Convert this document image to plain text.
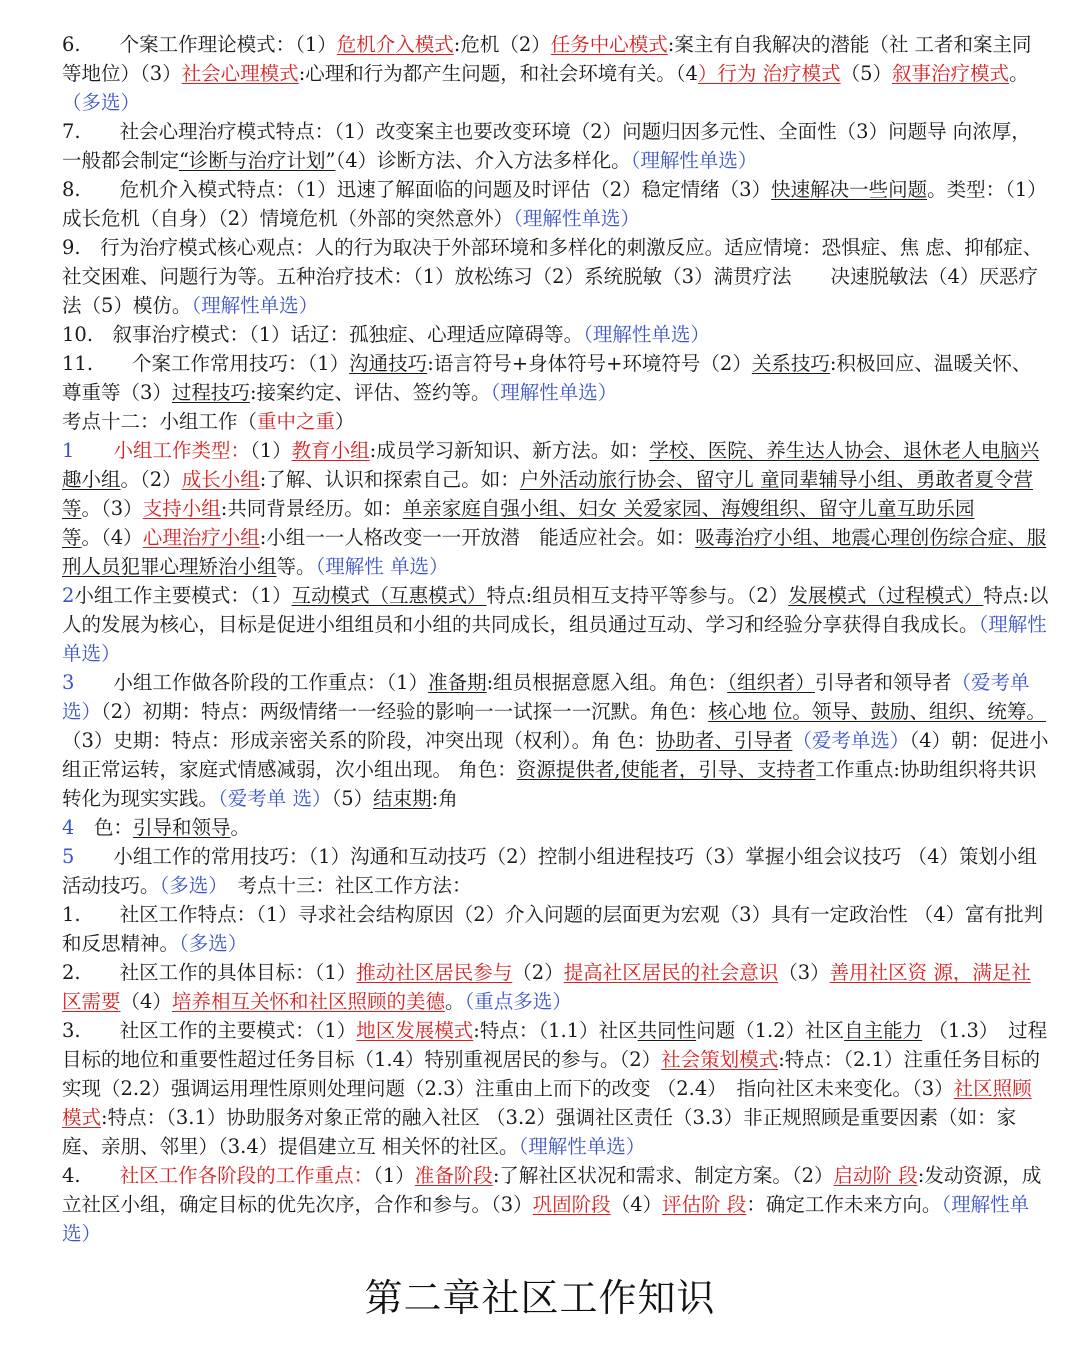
6.　　个案工作理论模式：（1）危机介入模式:危机（2）任务中心模式:案主有自我解决的潜能（社 工者和案主同等地位）（3）社会心理模式:心理和行为都产生问题，和社会环境有关。（4）行为 治疗模式（5）叙事治疗模式。（多选）

7.　　社会心理治疗模式特点：（1）改变案主也要改变环境（2）问题归因多元性、全面性（3）问题导 向浓厚，一般都会制定“诊断与治疗计划”（4）诊断方法、介入方法多样化。（理解性单选）

8.　　危机介入模式特点：（1）迅速了解面临的问题及时评估（2）稳定情绪（3）快速解决一些问题。类型：（1）成长危机（自身）（2）情境危机（外部的突然意外）（理解性单选）

9.　行为治疗模式核心观点：人的行为取决于外部环境和多样化的刺激反应。适应情境：恐惧症、焦 虑、抑郁症、社交困难、问题行为等。五种治疗技术：（1）放松练习（2）系统脱敏（3）满贯疗法　　决速脱敏法（4）厌恶疗法（5）模仿。（理解性单选）

10.　叙事治疗模式：（1）话辽：孤独症、心理适应障碍等。（理解性单选）

11.　　个案工作常用技巧：（1）沟通技巧:语言符号+身体符号+环境符号（2）关系技巧:积极回应、温暖关怀、尊重等（3）过程技巧:接案约定、评估、签约等。（理解性单选）

考点十二：小组工作（重中之重）

1　　 小组工作类型：（1）教育小组:成员学习新知识、新方法。如：学校、医院、养生达人协会、退休老人电脑兴趣小组。（2）成长小组:了解、认识和探索自己。如：户外活动旅行协会、留守儿 童同辈辅导小组、勇敢者夏令营等。（3）支持小组:共同背景经历。如：单亲家庭自强小组、妇女 关爱家园、海嫂组织、留守儿童互助乐园等。（4）心理治疗小组:小组一一人格改变一一开放潜　能适应社会。如：吸毒治疗小组、地震心理创伤综合症、服刑人员犯罪心理矫治小组等。（理解性 单选）

2小组工作主要模式：（1）互动模式（互惠模式）特点:组员相互支持平等参与。（2）发展模式（过程模式）特点:以人的发展为核心，目标是促进小组组员和小组的共同成长，组员通过互动、学习和经验分享获得自我成长。（理解性单选）

3　　小组工作做各阶段的工作重点：（1）准备期:组员根据意愿入组。角色：（组织者）引导者和领导者（爱考单选）（2）初期：特点：两级情绪一一经验的影响一一试探一一沉默。角色：核心地 位。领导、鼓励、组织、统筹。（3）史期：特点：形成亲密关系的阶段，冲突出现（权利）。角 色：协助者、引导者（爱考单选）（4）朝：促进小组正常运转，家庭式情感减弱，次小组出现。 角色：资源提供者,使能者，引导、支持者工作重点:协助组织将共识转化为现实实践。（爱考单 选）（5）结束期:角

4　色：引导和领导。

5　　小组工作的常用技巧：（1）沟通和互动技巧（2）控制小组进程技巧（3）掌握小组会议技巧 （4）策划小组活动技巧。（多选）　考点十三：社区工作方法：

1.　　社区工作特点：（1）寻求社会结构原因（2）介入问题的层面更为宏观（3）具有一定政治性 （4）富有批判和反思精神。（多选）

2.　　社区工作的具体目标：（1）推动社区居民参与（2）提高社区居民的社会意识（3）善用社区资 源，满足社区需要（4）培养相互关怀和社区照顾的美德。（重点多选）

3.　　社区工作的主要模式：（1）地区发展模式:特点：（1.1）社区共同性问题（1.2）社区自主能力 （1.3）　过程目标的地位和重要性超过任务目标（1.4）特别重视居民的参与。（2）社会策划模式:特点：（2.1）注重任务目标的实现（2.2）强调运用理性原则处理问题（2.3）注重由上而下的改变 （2.4）　指向社区未来变化。（3）社区照顾模式:特点：（3.1）协助服务对象正常的融入社区 （3.2）强调社区责任（3.3）非正规照顾是重要因素（如：家庭、亲朋、邻里）（3.4）提倡建立互 相关怀的社区。（理解性单选）

4.　　社区工作各阶段的工作重点：（1）准备阶段:了解社区状况和需求、制定方案。（2）启动阶 段:发动资源，成立社区小组，确定目标的优先次序，合作和参与。（3）巩固阶段（4）评估阶 段：确定工作未来方向。（理解性单选）

第二章社区工作知识
